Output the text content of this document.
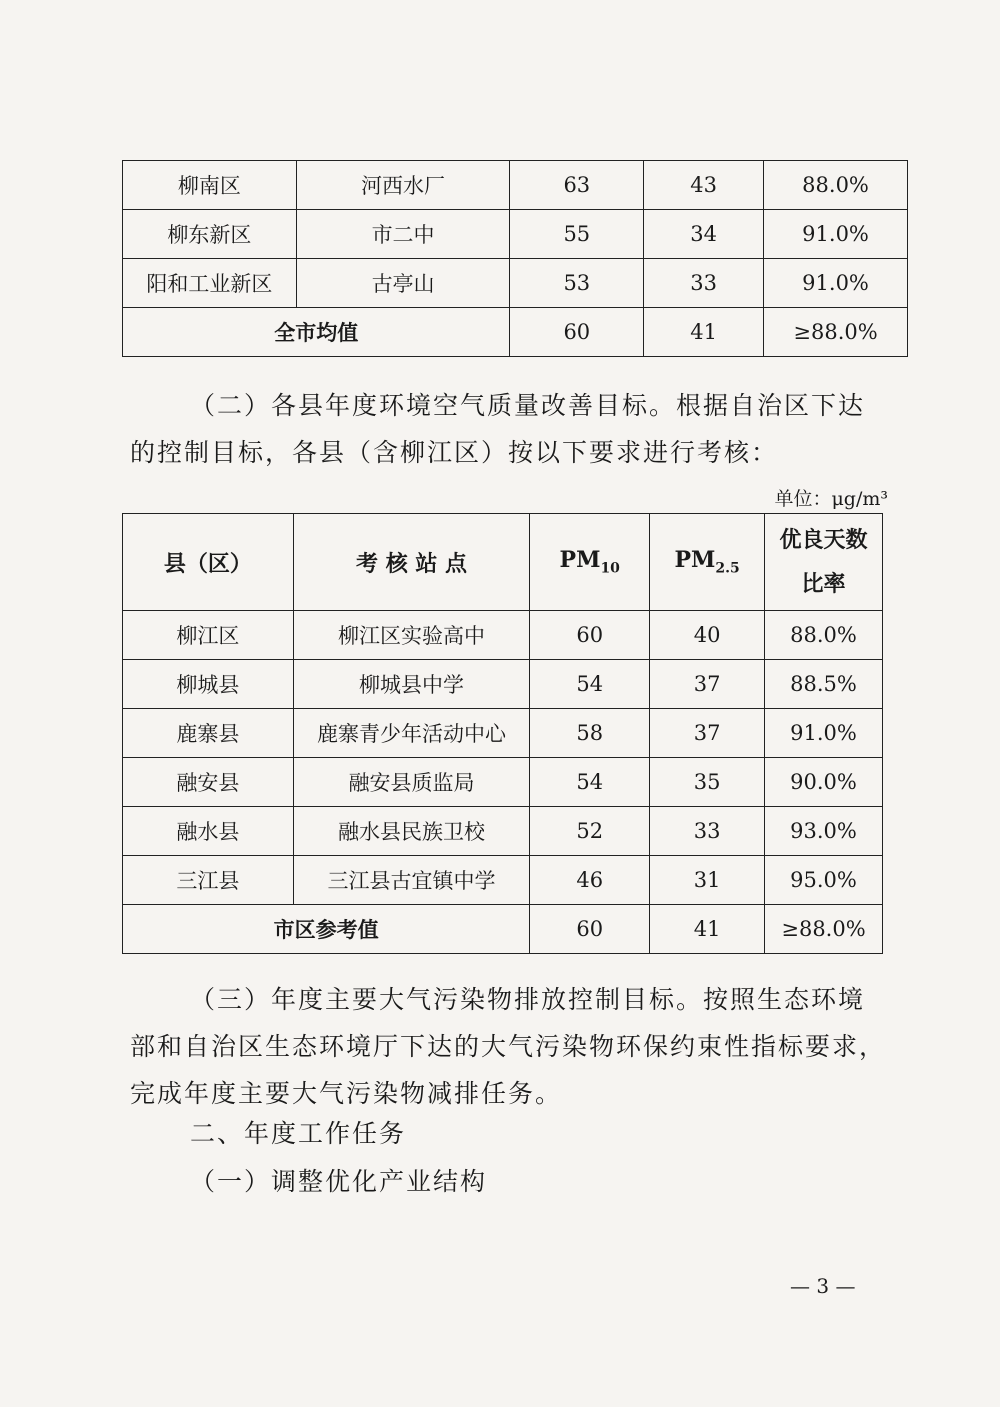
柳南区	河西水厂	63	43	88.0%
柳东新区	市二中	55	34	91.0%
阳和工业新区	古亭山	53	33	91.0%
全市均值		60	41	≥88.0%

（二）各县年度环境空气质量改善目标。根据自治区下达的控制目标，各县（含柳江区）按以下要求进行考核：

单位：μg/m³
县（区）	考 核 站 点	$PM_{10}$	$PM_{2.5}$	优良天数比率
柳江区	柳江区实验高中	60	40	88.0%
柳城县	柳城县中学	54	37	88.5%
鹿寨县	鹿寨青少年活动中心	58	37	91.0%
融安县	融安县质监局	54	35	90.0%
融水县	融水县民族卫校	52	33	93.0%
三江县	三江县古宜镇中学	46	31	95.0%
市区参考值		60	41	≥88.0%

（三）年度主要大气污染物排放控制目标。按照生态环境部和自治区生态环境厅下达的大气污染物环保约束性指标要求，完成年度主要大气污染物减排任务。

二、年度工作任务
（一）调整优化产业结构
— 3 —
